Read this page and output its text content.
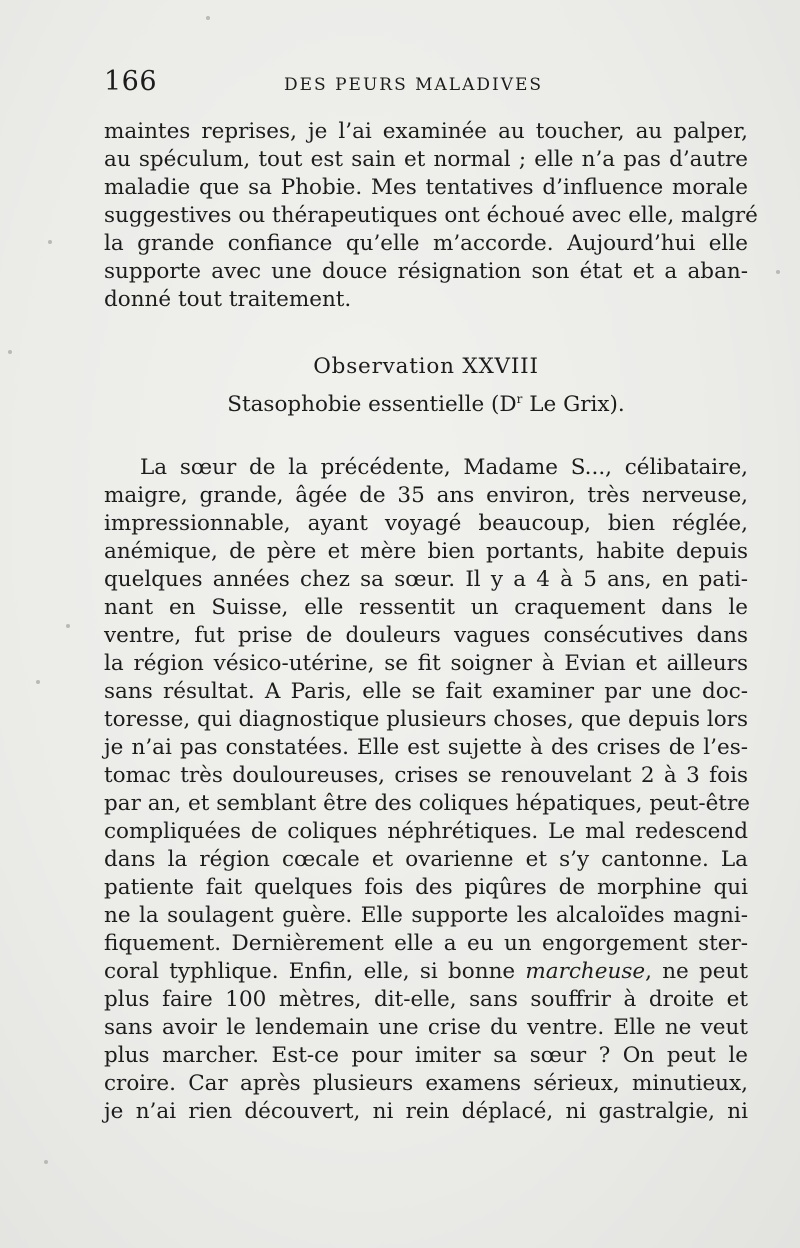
166	DES PEURS MALADIVES
maintes reprises, je l’ai examinée au toucher, au palper,
au spéculum, tout est sain et normal ; elle n’a pas d’autre
maladie que sa Phobie. Mes tentatives d’influence morale
suggestives ou thérapeutiques ont échoué avec elle, malgré
la grande confiance qu’elle m’accorde. Aujourd’hui elle
supporte avec une douce résignation son état et a aban-
donné tout traitement.
Observation XXVIII
Stasophobie essentielle ($D^r$ Le Grix).
La sœur de la précédente, Madame S..., célibataire,
maigre, grande, âgée de 35 ans environ, très nerveuse,
impressionnable, ayant voyagé beaucoup, bien réglée,
anémique, de père et mère bien portants, habite depuis
quelques années chez sa sœur. Il y a 4 à 5 ans, en pati-
nant en Suisse, elle ressentit un craquement dans le
ventre, fut prise de douleurs vagues consécutives dans
la région vésico-utérine, se fit soigner à Evian et ailleurs
sans résultat. A Paris, elle se fait examiner par une doc-
toresse, qui diagnostique plusieurs choses, que depuis lors
je n’ai pas constatées. Elle est sujette à des crises de l’es-
tomac très douloureuses, crises se renouvelant 2 à 3 fois
par an, et semblant être des coliques hépatiques, peut-être
compliquées de coliques néphrétiques. Le mal redescend
dans la région cœcale et ovarienne et s’y cantonne. La
patiente fait quelques fois des piqûres de morphine qui
ne la soulagent guère. Elle supporte les alcaloïdes magni-
fiquement. Dernièrement elle a eu un engorgement ster-
coral typhlique. Enfin, elle, si bonne marcheuse, ne peut
plus faire 100 mètres, dit-elle, sans souffrir à droite et
sans avoir le lendemain une crise du ventre. Elle ne veut
plus marcher. Est-ce pour imiter sa sœur ? On peut le
croire. Car après plusieurs examens sérieux, minutieux,
je n’ai rien découvert, ni rein déplacé, ni gastralgie, ni
